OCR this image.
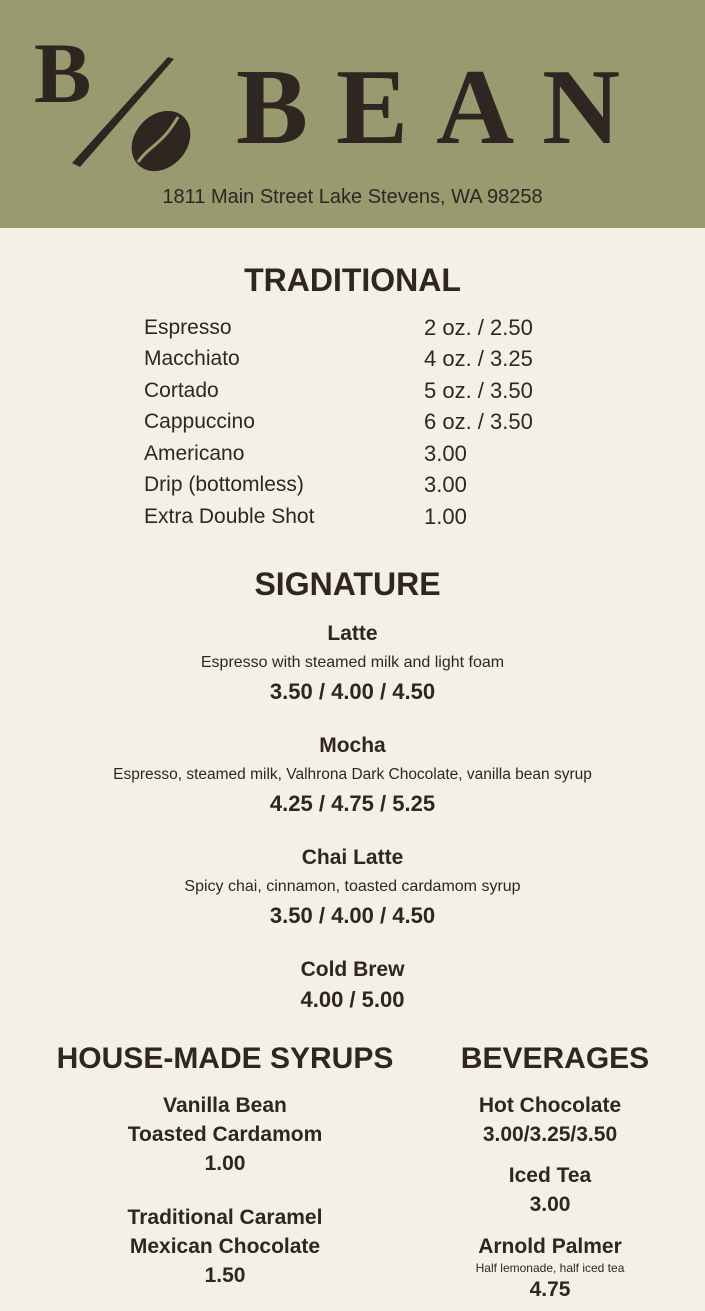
B BEAN
1811 Main Street Lake Stevens, WA 98258
TRADITIONAL
Espresso	2 oz. / 2.50
Macchiato	4 oz. / 3.25
Cortado	5 oz. / 3.50
Cappuccino	6 oz. / 3.50
Americano	3.00
Drip (bottomless)	3.00
Extra Double Shot	1.00
SIGNATURE
Latte
Espresso with steamed milk and light foam
3.50 / 4.00 / 4.50
Mocha
Espresso, steamed milk, Valhrona Dark Chocolate, vanilla bean syrup
4.25 / 4.75 / 5.25
Chai Latte
Spicy chai, cinnamon, toasted cardamom syrup
3.50 / 4.00 / 4.50
Cold Brew
4.00 / 5.00
HOUSE-MADE SYRUPS
Vanilla Bean
Toasted Cardamom
1.00
Traditional Caramel
Mexican Chocolate
1.50
BEVERAGES
Hot Chocolate
3.00/3.25/3.50
Iced Tea
3.00
Arnold Palmer
Half lemonade, half iced tea
4.75
